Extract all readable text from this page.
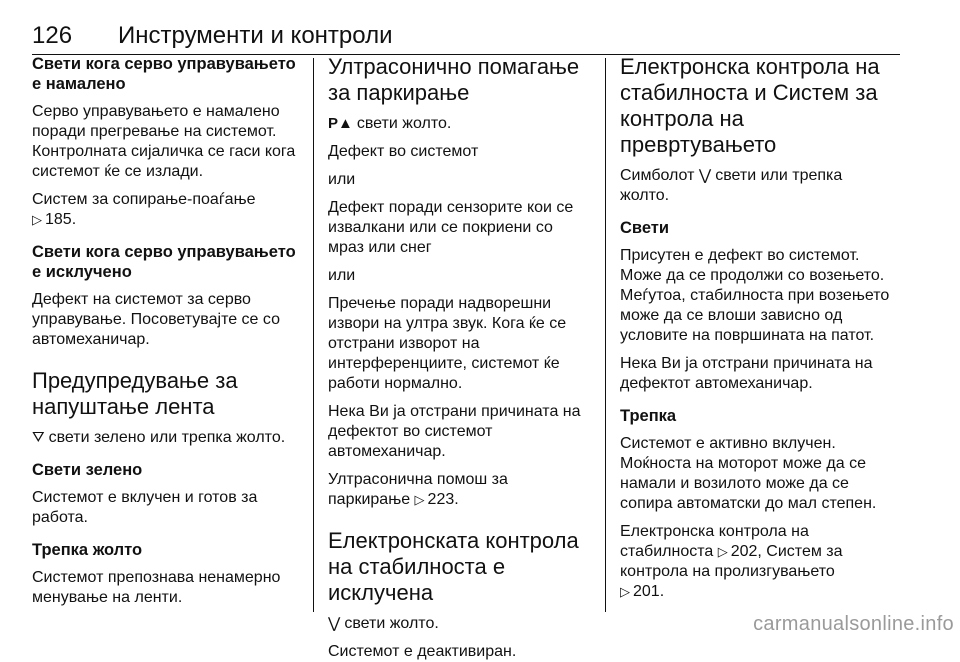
126 Инструменти и контроли
Свети кога серво управувањето е намалено

Серво управувањето е намалено поради прегревање на системот. Контролната сијаличка се гаси кога системот ќе се излади.

Систем за сопирање-поаѓање
▷ 185.

Свети кога серво управувањето е исклучено

Дефект на системот за серво управување. Посоветувајте се со автомеханичар.

Предупредување за напуштање лента

⛛ свети зелено или трепка жолто.

Свети зелено

Системот е вклучен и готов за работа.

Трепка жолто

Системот препознава ненамерно менување на ленти.

Ултрасонично помагање за паркирање

P▲ свети жолто.

Дефект во системот

или

Дефект поради сензорите кои се извалкани или се покриени со мраз или снег

или

Пречење поради надворешни извори на ултра звук. Кога ќе се отстрани изворот на интерференциите, системот ќе работи нормално.

Нека Ви ја отстрани причината на дефектот во системот автомеханичар.

Ултрасонична помош за паркирање ▷ 223.

Електронската контрола на стабилноста е исклучена

⋁ свети жолто.

Системот е деактивиран.

Електронска контрола на стабилноста и Систем за контрола на превртувањето

Симболот ⋁ свети или трепка жолто.

Свети

Присутен е дефект во системот. Може да се продолжи со возењето. Меѓутоа, стабилноста при возењето може да се влоши зависно од условите на површината на патот.

Нека Ви ја отстрани причината на дефектот автомеханичар.

Трепка

Системот е активно вклучен. Моќноста на моторот може да се намали и возилото може да се сопира автоматски до мал степен.

Електронска контрола на стабилноста ▷ 202, Систем за контрола на пролизгувањето
▷ 201.

carmanualsonline.info
